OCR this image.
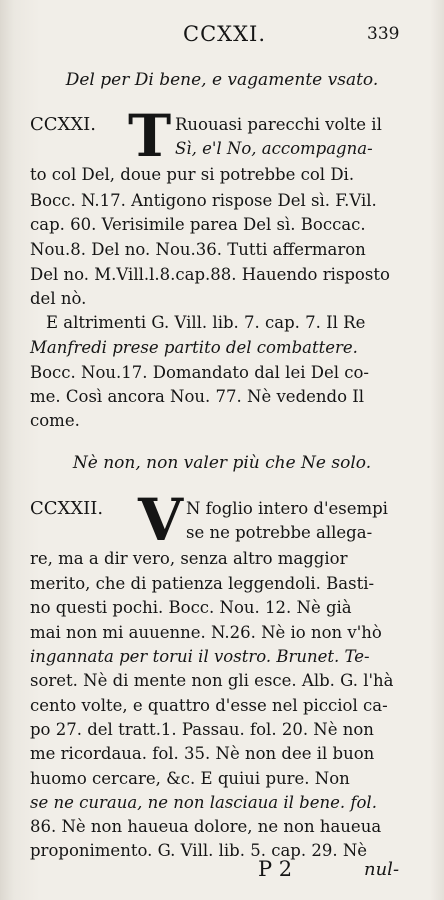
CCXXI.	339
Del per Di bene, e vagamente vsato.
CCXXI. T Ruouasi parecchi volte il
Sì, e'l No, accompagna-
to col Del, doue pur si potrebbe col Di.
Bocc. N.17. Antigono rispose Del sì. F.Vil.
cap. 60. Verisimile parea Del sì. Boccac.
Nou.8. Del no. Nou.36. Tutti affermaron
Del no. M.Vill.l.8.cap.88. Hauendo risposto
del nò.
E altrimenti G. Vill. lib. 7. cap. 7. Il Re
Manfredi prese partito del combattere.
Bocc. Nou.17. Domandato dal lei Del co-
me. Così ancora Nou. 77. Nè vedendo Il
come.
Nè non, non valer più che Ne solo.
CCXXII. V N foglio intero d'esempi
se ne potrebbe allega-
re, ma a dir vero, senza altro maggior
merito, che di patienza leggendoli. Basti-
no questi pochi. Bocc. Nou. 12. Nè già
mai non mi auuenne. N.26. Nè io non v'hò
ingannata per torui il vostro. Brunet. Te-
soret. Nè di mente non gli esce. Alb. G. l'hà
cento volte, e quattro d'esse nel picciol ca-
po 27. del tratt.1. Passau. fol. 20. Nè non
me ricordaua. fol. 35. Nè non dee il buon
huomo cercare, &c. E quiui pure. Non
se ne curaua, ne non lasciaua il bene. fol.
86. Nè non haueua dolore, ne non haueua
proponimento. G. Vill. lib. 5. cap. 29. Nè
P 2	nul-
